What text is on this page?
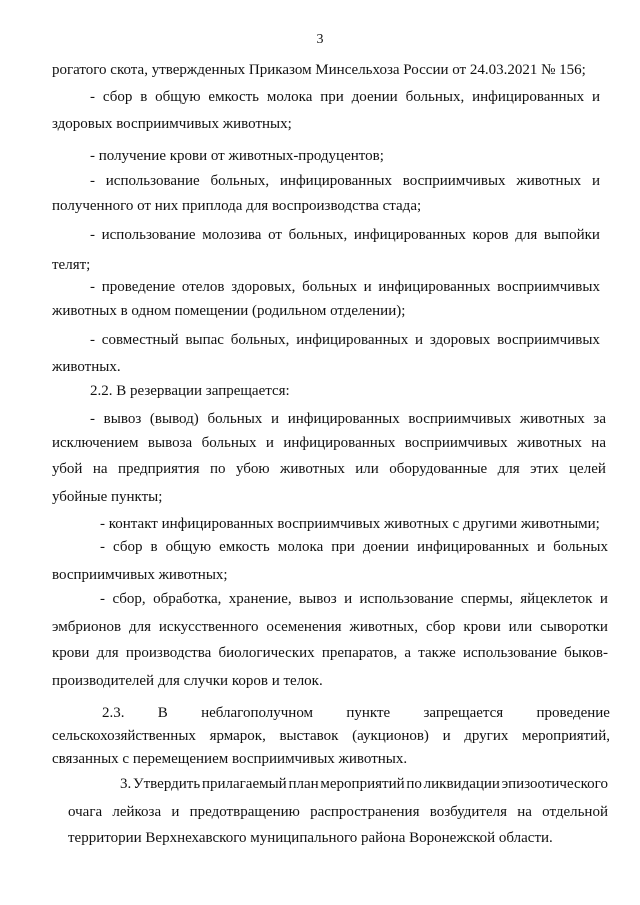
3
рогатого скота, утвержденных Приказом Минсельхоза России от 24.03.2021 № 156;
- сбор в общую емкость молока при доении больных, инфицированных и
здоровых восприимчивых животных;
- получение крови от животных-продуцентов;
- использование больных, инфицированных восприимчивых животных и
полученного от них приплода для воспроизводства стада;
- использование молозива от больных, инфицированных коров для выпойки
телят;
- проведение отелов здоровых, больных и инфицированных восприимчивых
животных в одном помещении (родильном отделении);
- совместный выпас больных, инфицированных и здоровых восприимчивых
животных.
2.2. В резервации запрещается:
- вывоз (вывод) больных и инфицированных восприимчивых животных за
исключением вывоза больных и инфицированных восприимчивых животных на
убой на предприятия по убою животных или оборудованные для этих целей
убойные пункты;
- контакт инфицированных восприимчивых животных с другими животными;
- сбор в общую емкость молока при доении инфицированных и больных
восприимчивых животных;
- сбор, обработка, хранение, вывоз и использование спермы, яйцеклеток и
эмбрионов для искусственного осеменения животных, сбор крови или сыворотки
крови для производства биологических препаратов, а также использование быков-
производителей для случки коров и телок.
2.3. В неблагополучном пункте запрещается проведение
сельскохозяйственных ярмарок, выставок (аукционов) и других мероприятий,
связанных с перемещением восприимчивых животных.
3. Утвердить прилагаемый план мероприятий по ликвидации эпизоотического
очага лейкоза и предотвращению распространения возбудителя на отдельной
территории Верхнехавского муниципального района Воронежской области.
